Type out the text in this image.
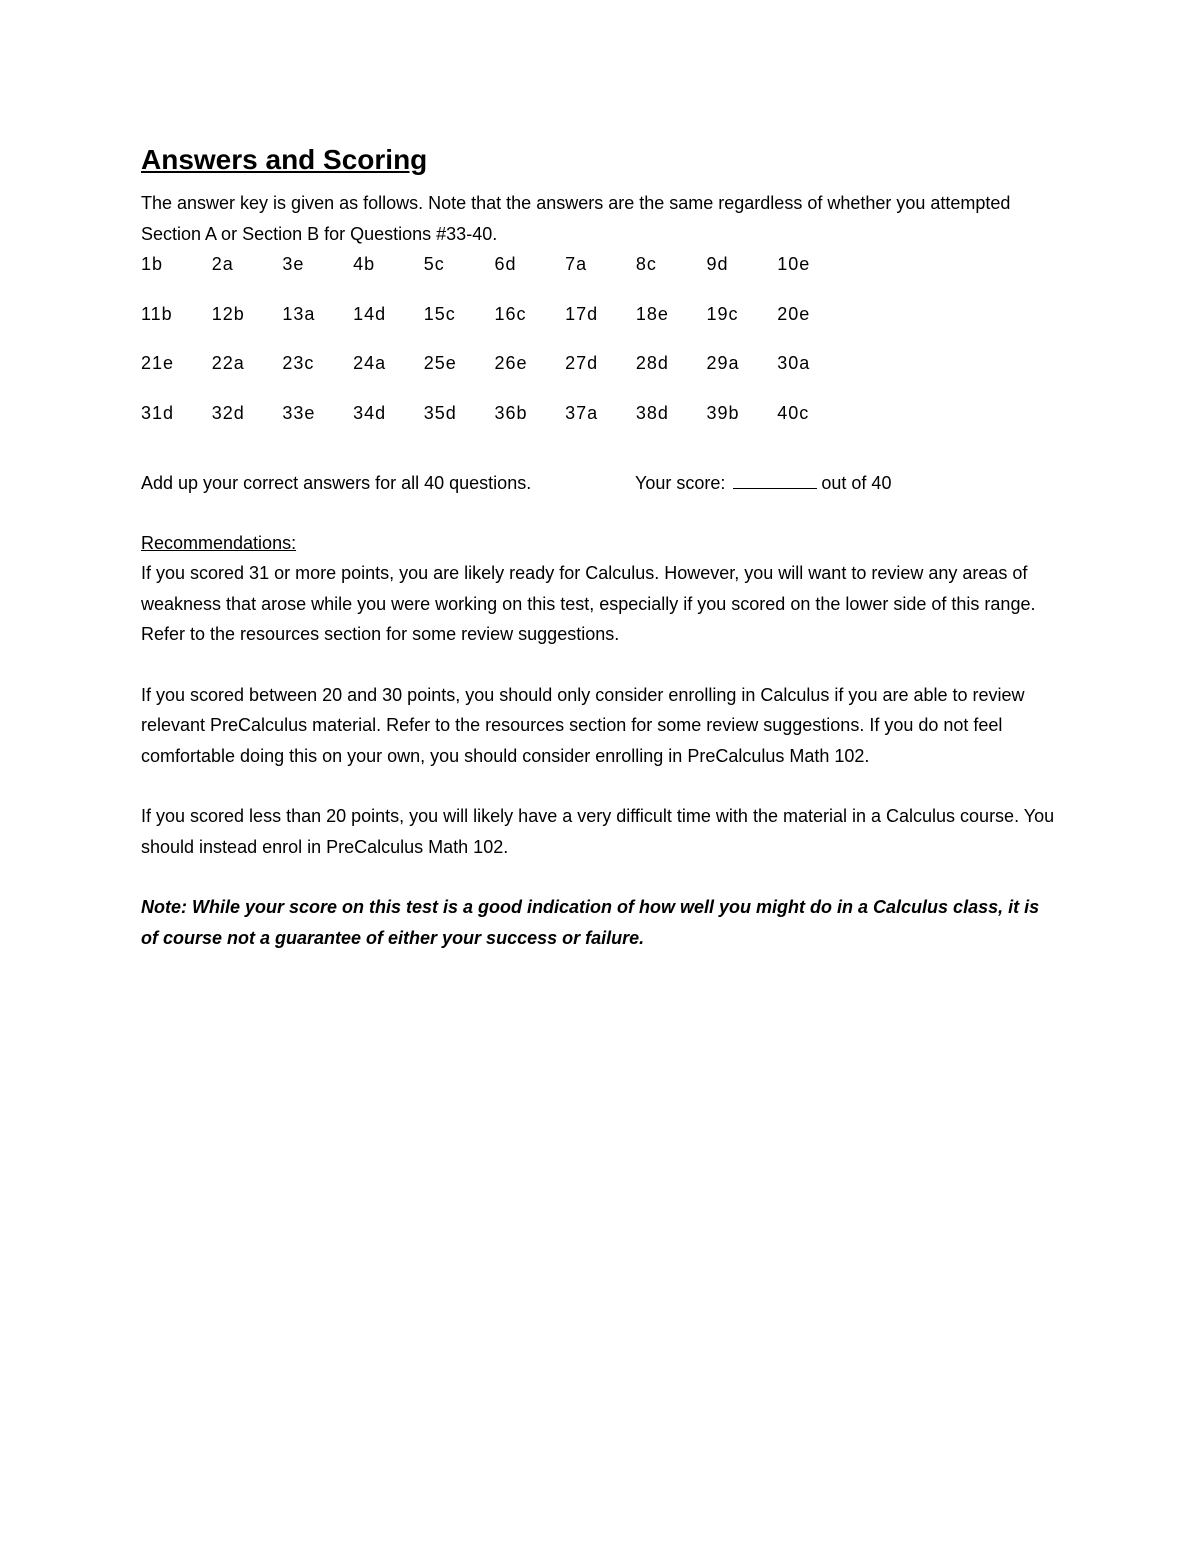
Answers and Scoring

The answer key is given as follows. Note that the answers are the same regardless of whether you attempted Section A or Section B for Questions #33-40.

1b	2a	3e	4b	5c	6d	7a	8c	9d	10e
11b	12b	13a	14d	15c	16c	17d	18e	19c	20e
21e	22a	23c	24a	25e	26e	27d	28d	29a	30a
31d	32d	33e	34d	35d	36b	37a	38d	39b	40c
Add up your correct answers for all 40 questions.	Your score:	out of 40
Recommendations:

If you scored 31 or more points, you are likely ready for Calculus. However, you will want to review any areas of weakness that arose while you were working on this test, especially if you scored on the lower side of this range. Refer to the resources section for some review suggestions.

If you scored between 20 and 30 points, you should only consider enrolling in Calculus if you are able to review relevant PreCalculus material. Refer to the resources section for some review suggestions. If you do not feel comfortable doing this on your own, you should consider enrolling in PreCalculus Math 102.

If you scored less than 20 points, you will likely have a very difficult time with the material in a Calculus course. You should instead enrol in PreCalculus Math 102.

Note: While your score on this test is a good indication of how well you might do in a Calculus class, it is of course not a guarantee of either your success or failure.
